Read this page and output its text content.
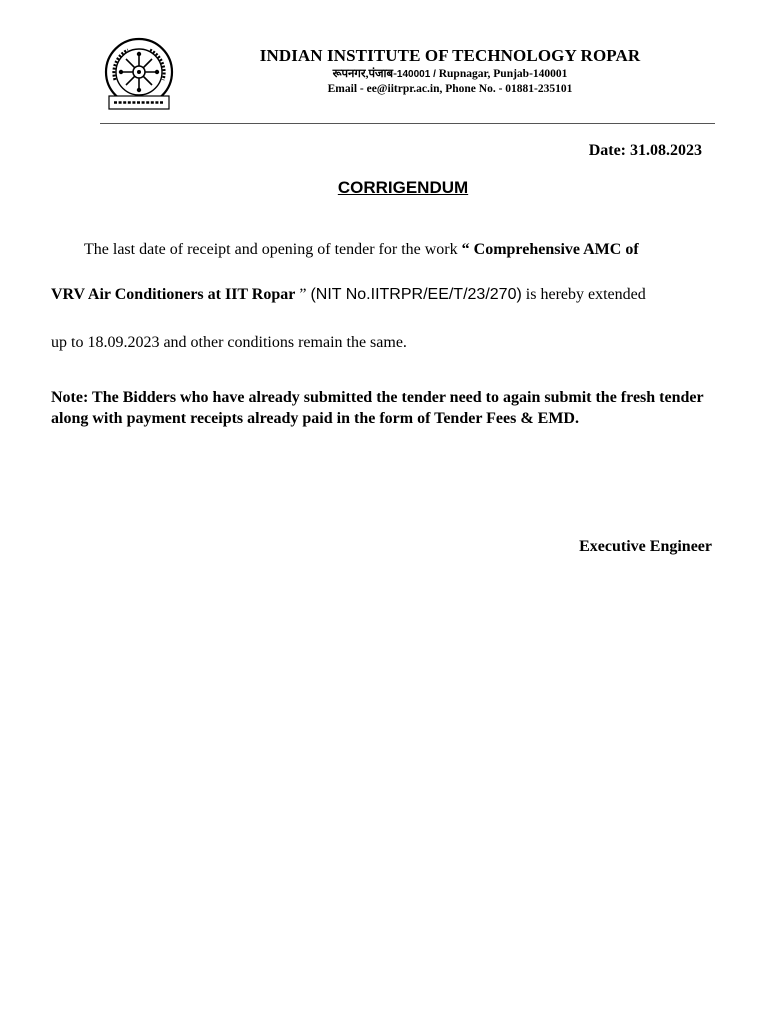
INDIAN INSTITUTE OF TECHNOLOGY ROPAR
रूपनगर,पंजाब-140001 / Rupnagar, Punjab-140001
Email - ee@iitrpr.ac.in, Phone No. - 01881-235101
Date: 31.08.2023
CORRIGENDUM
The last date of receipt and opening of tender for the work “ Comprehensive AMC of
VRV Air Conditioners at IIT Ropar ” (NIT No.IITRPR/EE/T/23/270) is hereby extended
up to 18.09.2023 and other conditions remain the same.
Note: The Bidders who have already submitted the tender need to again submit the fresh tender along with payment receipts already paid in the form of Tender Fees & EMD.
Executive Engineer
